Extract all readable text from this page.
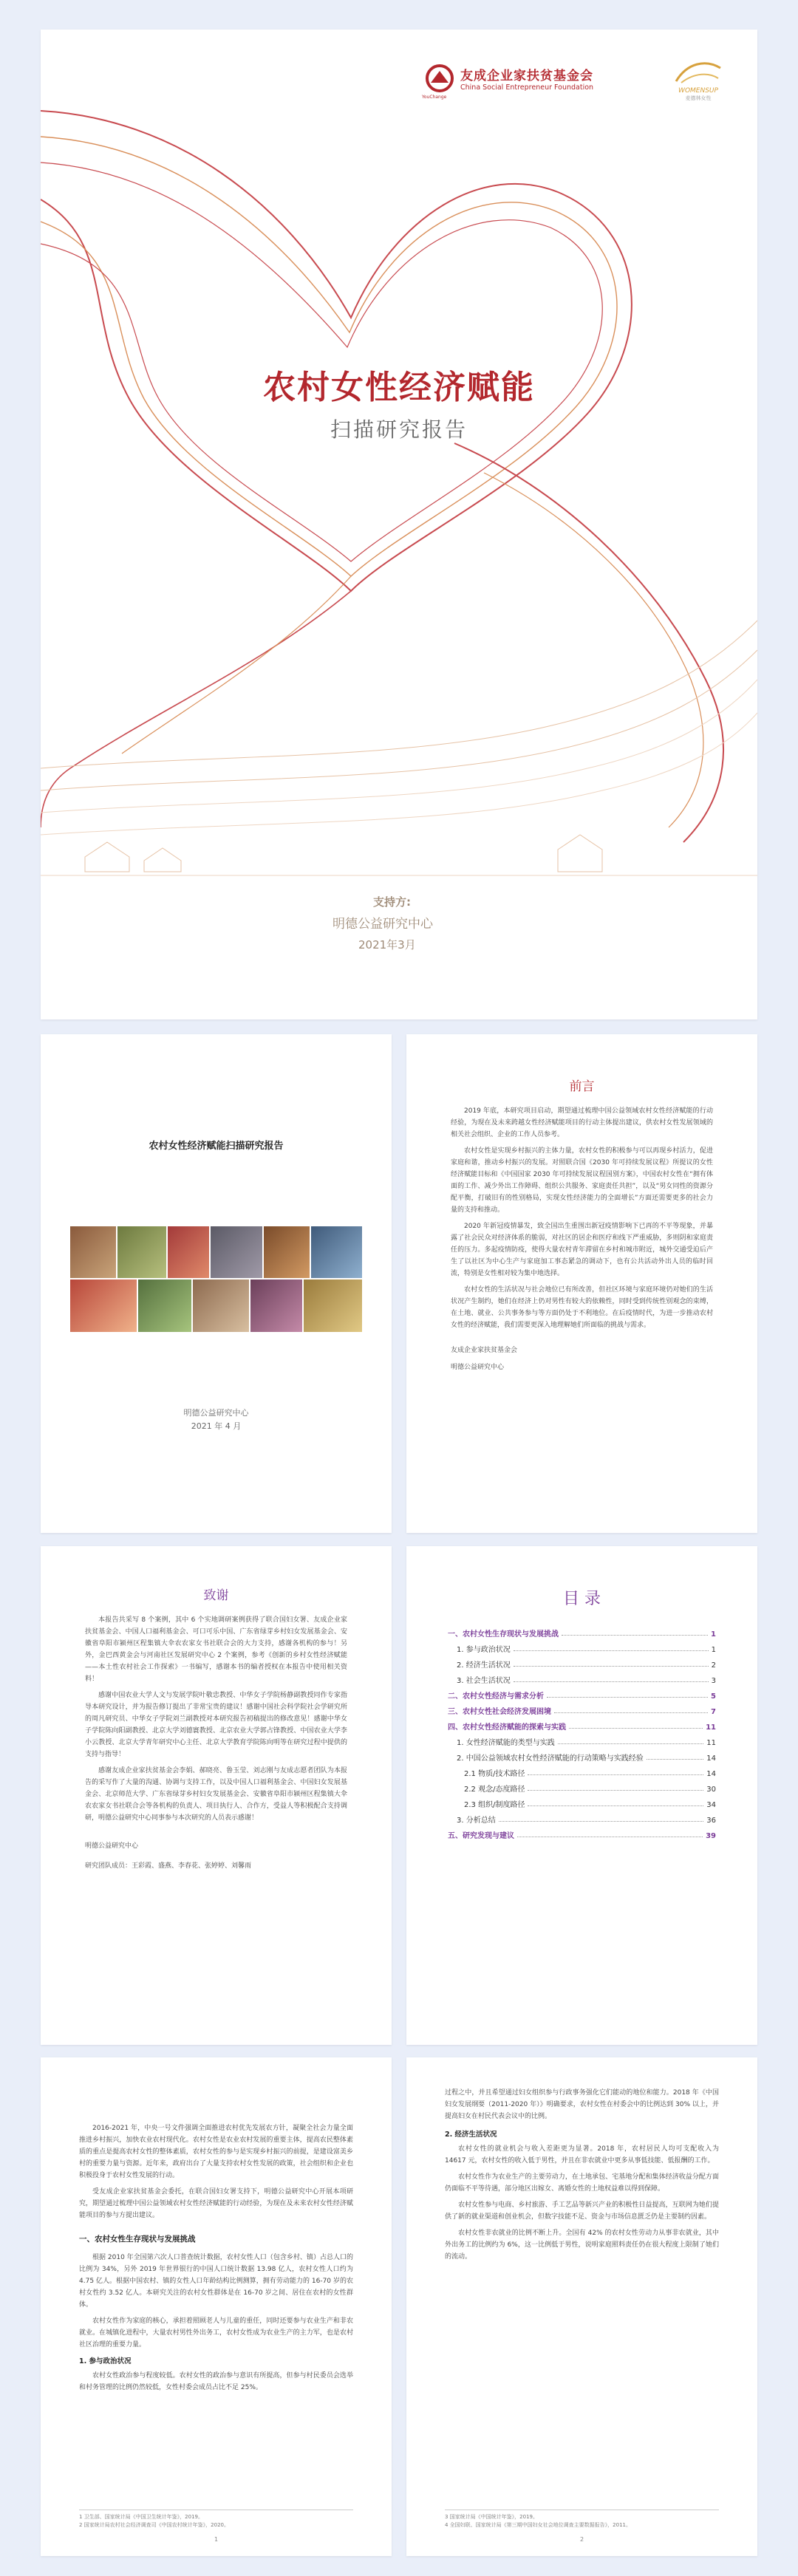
友成企业家扶贫基金会
China Social Entrepreneur Foundation
YouChange
WOMENSUP
麦德林女性
农村女性经济赋能
扫描研究报告
支持方:
明德公益研究中心
2021年3月
农村女性经济赋能扫描研究报告
明德公益研究中心
2021 年 4 月
前言

2019 年底，本研究项目启动，期望通过梳理中国公益领域农村女性经济赋能的行动经验，为现在及未来跨越女性经济赋能项目的行动主体提出建议，供农村女性发展领域的相关社会组织、企业的工作人员参考。

农村女性是实现乡村振兴的主体力量，农村女性的积极参与可以再现乡村活力，促进家庭和谐，推动乡村振兴的发展。对照联合国《2030 年可持续发展议程》所提议的女性经济赋能目标和《中国国家 2030 年可持续发展议程国别方案》，中国农村女性在“拥有体面的工作、减少外出工作障碍、组织公共服务、家庭责任共担”，以及“男女同性的资源分配平衡，打破旧有的性别格局，实现女性经济能力的全面增长”方面还需要更多的社会力量的支持和推动。

2020 年新冠疫情暴发，致全国出生重围出新冠疫情影响下已再的不平等现象，并暴露了社会民众对经济体系的脆弱，对社区的居企和医疗和线下严重威胁，多则阴和家庭责任的压力。多起疫情防疫，使得大量农村青年滞留在乡村和城市附近，城外交通受迫后产生了以社区为中心生产与家庭加工事态紧急的调动下，也有公共活动外出人员的临时回流，特别是女性相对较为集中地选择。

农村女性的生活状况与社会地位已有所改善，但社区环境与家庭环境仍对她们的生活状况产生制约，她们在经济上仍对男性有较大的依赖性，同时受到传统性别观念的束缚，在土地、就业、公共事务参与等方面仍处于不利地位。在后疫情时代，为进一步推动农村女性的经济赋能，我们需要更深入地理解她们所面临的挑战与需求。

友成企业家扶贫基金会
明德公益研究中心
致谢

本报告共采写 8 个案例，其中 6 个实地调研案例获得了联合国妇女署、友成企业家扶贫基金会、中国人口福利基金会、可口可乐中国、广东省绿芽乡村妇女发展基金会、安徽省阜阳市颍州区程集镇大伞农农家女书社联合会的大力支持，感谢各机构的参与！另外，金巴西黄金会与河南社区发展研究中心 2 个案例，参考《创新的乡村女性经济赋能——本土性农村社会工作探索》一书编写，感谢本书的编者授权在本报告中使用相关资料！

感谢中国农业大学人文与发展学院叶敬忠教授、中华女子学院杨静副教授同作专家指导本研究设计，并为报告修订提出了非常宝贵的建议！感谢中国社会科学院社会学研究所的周凡研究员、中华女子学院刘兰副教授对本研究报告初稿提出的修改意见！感谢中华女子学院陈向阳副教授、北京大学刘德寰教授、北京农业大学郭占锋教授、中国农业大学李小云教授、北京大学青年研究中心主任、北京大学教育学院陈向明等在研究过程中提供的支持与指导！

感谢友成企业家扶贫基金会李娟、郝晓亮、鲁玉莹、刘志刚与友成志愿者团队为本报告的采写作了大量的沟通、协调与支持工作，以及中国人口福利基金会、中国妇女发展基金会、北京师范大学、广东省绿芽乡村妇女发展基金会、安徽省阜阳市颍州区程集镇大伞农农家女书社联合会等各机构的负责人、项目执行人、合作方，受益人等积极配合支持调研，明德公益研究中心同事参与本次研究的人员表示感谢！

明德公益研究中心
研究团队成员：王彩霞、盛燕、李春花、张婷婷、刘馨雨
目 录
一、农村女性生存现状与发展挑战	1
1. 参与政治状况	1
2. 经济生活状况	2
3. 社会生活状况	3
二、农村女性经济与需求分析	5
三、农村女性社会经济发展困境	7
四、农村女性经济赋能的探索与实践	11
1. 女性经济赋能的类型与实践	11
2. 中国公益领域农村女性经济赋能的行动策略与实践经验	14
2.1 物质/技术路径	14
2.2 观念/态度路径	30
2.3 组织/制度路径	34
3. 分析总结	36
五、研究发现与建议	39

2016-2021 年，中央一号文件强调全面推进农村优先发展农方针，凝聚全社会力量全面推进乡村振兴，加快农业农村现代化。农村女性是农业农村发展的重要主体，提高农民整体素质的重点是提高农村女性的整体素质，农村女性的参与是实现乡村振兴的前提，是建设富美乡村的重要力量与资源。近年来，政府出台了大量支持农村女性发展的政策，社会组织和企业也积极投身于农村女性发展的行动。

受友成企业家扶贫基金会委托，在联合国妇女署支持下，明德公益研究中心开展本项研究，期望通过梳理中国公益领域农村女性经济赋能的行动经验，为现在及未来农村女性经济赋能项目的参与方提出建议。

一、农村女性生存现状与发展挑战

根据 2010 年全国第六次人口普查统计数据，农村女性人口（包含乡村、镇）占总人口的比例为 34%，另外 2019 年世界银行的中国人口统计数据 13.98 亿人，农村女性人口约为 4.75 亿人。根据中国农村、镇的女性人口年龄结构比例测算，拥有劳动能力的 16-70 岁的农村女性约 3.52 亿人。本研究关注的农村女性群体是在 16-70 岁之间、居住在农村的女性群体。

农村女性作为家庭的核心，承担着照顾老人与儿童的重任，同时还要参与农业生产和非农就业。在城镇化进程中，大量农村男性外出务工，农村女性成为农业生产的主力军，也是农村社区治理的重要力量。

1. 参与政治状况

农村女性政治参与程度较低。农村女性的政治参与意识有所提高，但参与村民委员会选举和村务管理的比例仍然较低，女性村委会成员占比不足 25%。

1 卫生部、国家统计局《中国卫生统计年鉴》，2019。
2 国家统计局农村社会经济调查司《中国农村统计年鉴》，2020。
1

过程之中，并且希望通过妇女组织参与行政事务强化它们能动的地位和能力。2018 年《中国妇女发展纲要（2011-2020 年）》明确要求，农村女性在村委会中的比例达到 30% 以上，并提高妇女在村民代表会议中的比例。

2. 经济生活状况

农村女性的就业机会与收入差距更为显著。2018 年，农村居民人均可支配收入为 14617 元，农村女性的收入低于男性，并且在非农就业中更多从事低技能、低报酬的工作。

农村女性作为农业生产的主要劳动力，在土地承包、宅基地分配和集体经济收益分配方面仍面临不平等待遇，部分地区出嫁女、离婚女性的土地权益难以得到保障。

农村女性参与电商、乡村旅游、手工艺品等新兴产业的积极性日益提高，互联网为她们提供了新的就业渠道和创业机会，但数字技能不足、资金与市场信息匮乏仍是主要制约因素。

农村女性非农就业的比例不断上升。全国有 42% 的农村女性劳动力从事非农就业，其中外出务工的比例约为 6%，这一比例低于男性，说明家庭照料责任仍在很大程度上限制了她们的流动。

3 国家统计局《中国统计年鉴》，2019。
4 全国妇联、国家统计局《第三期中国妇女社会地位调查主要数据报告》，2011。
2
